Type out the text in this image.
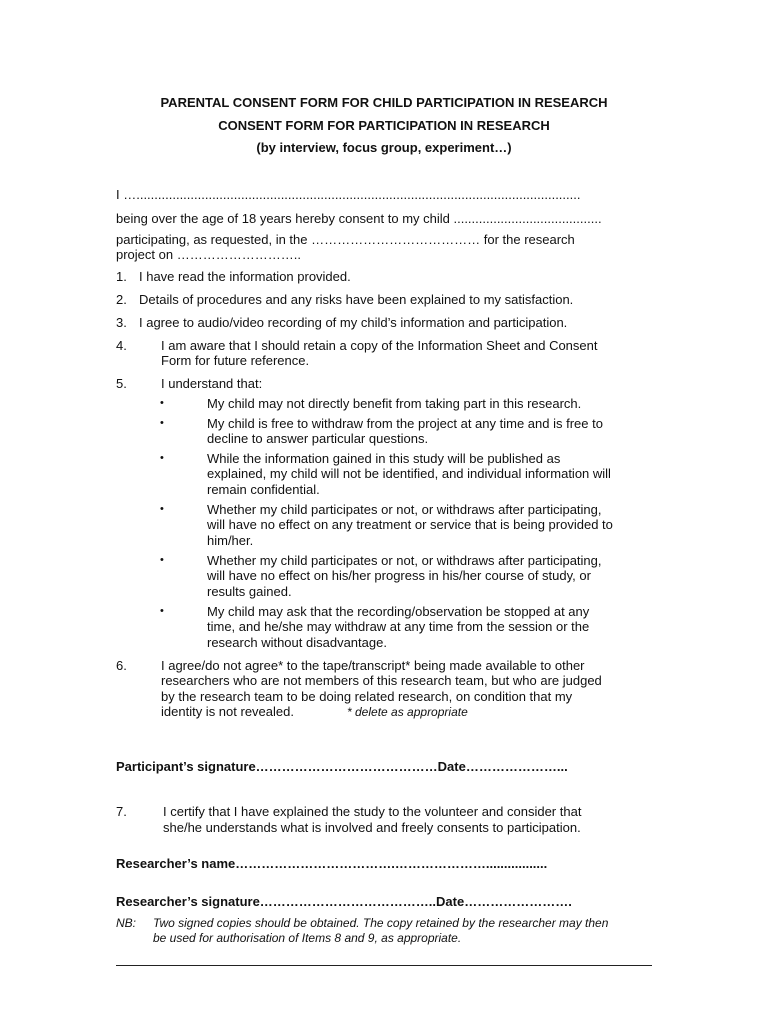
PARENTAL CONSENT FORM FOR CHILD PARTICIPATION IN RESEARCH
CONSENT FORM FOR PARTICIPATION IN RESEARCH
(by interview, focus group, experiment…)
I …...........................................................................................................................
being over the age of 18 years hereby consent to my child .........................................
participating, as requested, in the ………………………………… for the research
project on ………………………..
1. I have read the information provided.
2. Details of procedures and any risks have been explained to my satisfaction.
3. I agree to audio/video recording of my child’s information and participation.
4.	I am aware that I should retain a copy of the Information Sheet and Consent
Form for future reference.
5.	I understand that:
•	My child may not directly benefit from taking part in this research.
•	My child is free to withdraw from the project at any time and is free to
decline to answer particular questions.
•	While the information gained in this study will be published as
explained, my child will not be identified, and individual information will
remain confidential.
•	Whether my child participates or not, or withdraws after participating,
will have no effect on any treatment or service that is being provided to
him/her.
•	Whether my child participates or not, or withdraws after participating,
will have no effect on his/her progress in his/her course of study, or
results gained.
•	My child may ask that the recording/observation be stopped at any
time, and he/she may withdraw at any time from the session or the
research without disadvantage.
6.	I agree/do not agree* to the tape/transcript* being made available to other
researchers who are not members of this research team, but who are judged
by the research team to be doing related research, on condition that my
identity is not revealed.	* delete as appropriate
Participant’s signature……………………………………Date…………………...
7.	I certify that I have explained the study to the volunteer and consider that
she/he understands what is involved and freely consents to participation.
Researcher’s name……………………………….………………….................
Researcher’s signature…………………………………..Date…………………….
NB: Two signed copies should be obtained. The copy retained by the researcher may then
be used for authorisation of Items 8 and 9, as appropriate.
